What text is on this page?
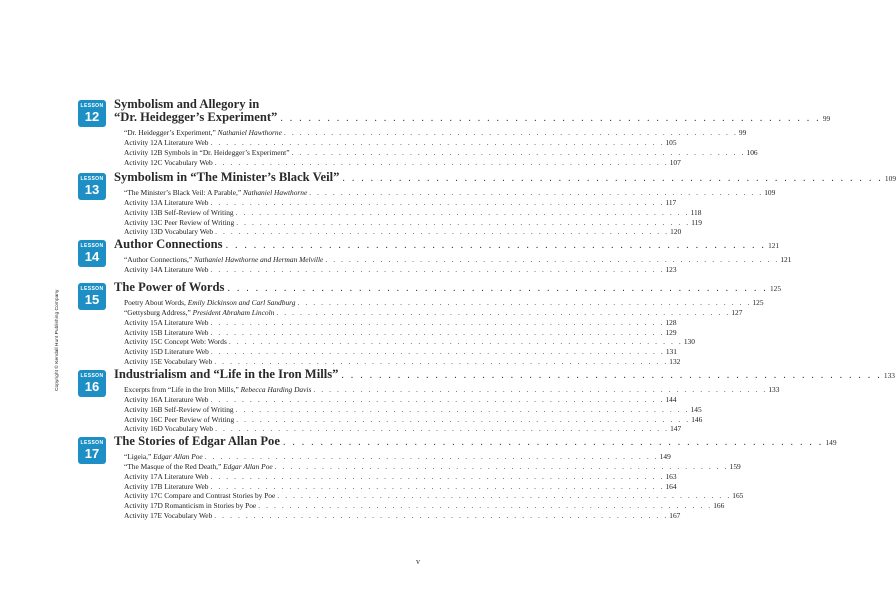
LESSON
12
Symbolism and Allegory in
“Dr. Heidegger’s Experiment” . . . . . . . . . . . . . . . . . . . . . . . . . . . . . . . . . . . . . . . . . . . . . . . . . . . . . . . . . . 99
“Dr. Heidegger’s Experiment,” Nathaniel Hawthorne . . . . . . . . . . . . . . . . . . . . . . . . . . . . . . . . . . . . . . . . . . . . . . . . . . . . . . . . . . 99
Activity 12A Literature Web . . . . . . . . . . . . . . . . . . . . . . . . . . . . . . . . . . . . . . . . . . . . . . . . . . . . . . . . . . 105
Activity 12B Symbols in “Dr. Heidegger’s Experiment” . . . . . . . . . . . . . . . . . . . . . . . . . . . . . . . . . . . . . . . . . . . . . . . . . . . . . . . . . . 106
Activity 12C Vocabulary Web . . . . . . . . . . . . . . . . . . . . . . . . . . . . . . . . . . . . . . . . . . . . . . . . . . . . . . . . . . 107
LESSON
13
Symbolism in “The Minister’s Black Veil” . . . . . . . . . . . . . . . . . . . . . . . . . . . . . . . . . . . . . . . . . . . . . . . . . . . . . . . . . . 109
“The Minister’s Black Veil: A Parable,” Nathaniel Hawthorne . . . . . . . . . . . . . . . . . . . . . . . . . . . . . . . . . . . . . . . . . . . . . . . . . . . . . . . . . . 109
Activity 13A Literature Web . . . . . . . . . . . . . . . . . . . . . . . . . . . . . . . . . . . . . . . . . . . . . . . . . . . . . . . . . . 117
Activity 13B Self-Review of Writing . . . . . . . . . . . . . . . . . . . . . . . . . . . . . . . . . . . . . . . . . . . . . . . . . . . . . . . . . . 118
Activity 13C Peer Review of Writing . . . . . . . . . . . . . . . . . . . . . . . . . . . . . . . . . . . . . . . . . . . . . . . . . . . . . . . . . . 119
Activity 13D Vocabulary Web . . . . . . . . . . . . . . . . . . . . . . . . . . . . . . . . . . . . . . . . . . . . . . . . . . . . . . . . . . 120
LESSON
14
Author Connections . . . . . . . . . . . . . . . . . . . . . . . . . . . . . . . . . . . . . . . . . . . . . . . . . . . . . . . . . . 121
“Author Connections,” Nathaniel Hawthorne and Herman Melville . . . . . . . . . . . . . . . . . . . . . . . . . . . . . . . . . . . . . . . . . . . . . . . . . . . . . . . . . . 121
Activity 14A Literature Web . . . . . . . . . . . . . . . . . . . . . . . . . . . . . . . . . . . . . . . . . . . . . . . . . . . . . . . . . . 123
LESSON
15
The Power of Words . . . . . . . . . . . . . . . . . . . . . . . . . . . . . . . . . . . . . . . . . . . . . . . . . . . . . . . . . . 125
Poetry About Words, Emily Dickinson and Carl Sandburg . . . . . . . . . . . . . . . . . . . . . . . . . . . . . . . . . . . . . . . . . . . . . . . . . . . . . . . . . . 125
“Gettysburg Address,” President Abraham Lincoln . . . . . . . . . . . . . . . . . . . . . . . . . . . . . . . . . . . . . . . . . . . . . . . . . . . . . . . . . . 127
Activity 15A Literature Web . . . . . . . . . . . . . . . . . . . . . . . . . . . . . . . . . . . . . . . . . . . . . . . . . . . . . . . . . . 128
Activity 15B Literature Web . . . . . . . . . . . . . . . . . . . . . . . . . . . . . . . . . . . . . . . . . . . . . . . . . . . . . . . . . . 129
Activity 15C Concept Web: Words . . . . . . . . . . . . . . . . . . . . . . . . . . . . . . . . . . . . . . . . . . . . . . . . . . . . . . . . . . 130
Activity 15D Literature Web . . . . . . . . . . . . . . . . . . . . . . . . . . . . . . . . . . . . . . . . . . . . . . . . . . . . . . . . . . 131
Activity 15E Vocabulary Web . . . . . . . . . . . . . . . . . . . . . . . . . . . . . . . . . . . . . . . . . . . . . . . . . . . . . . . . . . 132
LESSON
16
Industrialism and “Life in the Iron Mills” . . . . . . . . . . . . . . . . . . . . . . . . . . . . . . . . . . . . . . . . . . . . . . . . . . . . . . . . . . 133
Excerpts from “Life in the Iron Mills,” Rebecca Harding Davis . . . . . . . . . . . . . . . . . . . . . . . . . . . . . . . . . . . . . . . . . . . . . . . . . . . . . . . . . . 133
Activity 16A Literature Web . . . . . . . . . . . . . . . . . . . . . . . . . . . . . . . . . . . . . . . . . . . . . . . . . . . . . . . . . . 144
Activity 16B Self-Review of Writing . . . . . . . . . . . . . . . . . . . . . . . . . . . . . . . . . . . . . . . . . . . . . . . . . . . . . . . . . . 145
Activity 16C Peer Review of Writing . . . . . . . . . . . . . . . . . . . . . . . . . . . . . . . . . . . . . . . . . . . . . . . . . . . . . . . . . . 146
Activity 16D Vocabulary Web . . . . . . . . . . . . . . . . . . . . . . . . . . . . . . . . . . . . . . . . . . . . . . . . . . . . . . . . . . 147
LESSON
17
The Stories of Edgar Allan Poe . . . . . . . . . . . . . . . . . . . . . . . . . . . . . . . . . . . . . . . . . . . . . . . . . . . . . . . . . . 149
“Ligeia,” Edgar Allan Poe . . . . . . . . . . . . . . . . . . . . . . . . . . . . . . . . . . . . . . . . . . . . . . . . . . . . . . . . . . 149
“The Masque of the Red Death,” Edgar Allan Poe . . . . . . . . . . . . . . . . . . . . . . . . . . . . . . . . . . . . . . . . . . . . . . . . . . . . . . . . . . 159
Activity 17A Literature Web . . . . . . . . . . . . . . . . . . . . . . . . . . . . . . . . . . . . . . . . . . . . . . . . . . . . . . . . . . 163
Activity 17B Literature Web . . . . . . . . . . . . . . . . . . . . . . . . . . . . . . . . . . . . . . . . . . . . . . . . . . . . . . . . . . 164
Activity 17C Compare and Contrast Stories by Poe . . . . . . . . . . . . . . . . . . . . . . . . . . . . . . . . . . . . . . . . . . . . . . . . . . . . . . . . . . 165
Activity 17D Romanticism in Stories by Poe . . . . . . . . . . . . . . . . . . . . . . . . . . . . . . . . . . . . . . . . . . . . . . . . . . . . . . . . . . 166
Activity 17E Vocabulary Web . . . . . . . . . . . . . . . . . . . . . . . . . . . . . . . . . . . . . . . . . . . . . . . . . . . . . . . . . . 167
Copyright © Kendall Hunt Publishing Company
v
